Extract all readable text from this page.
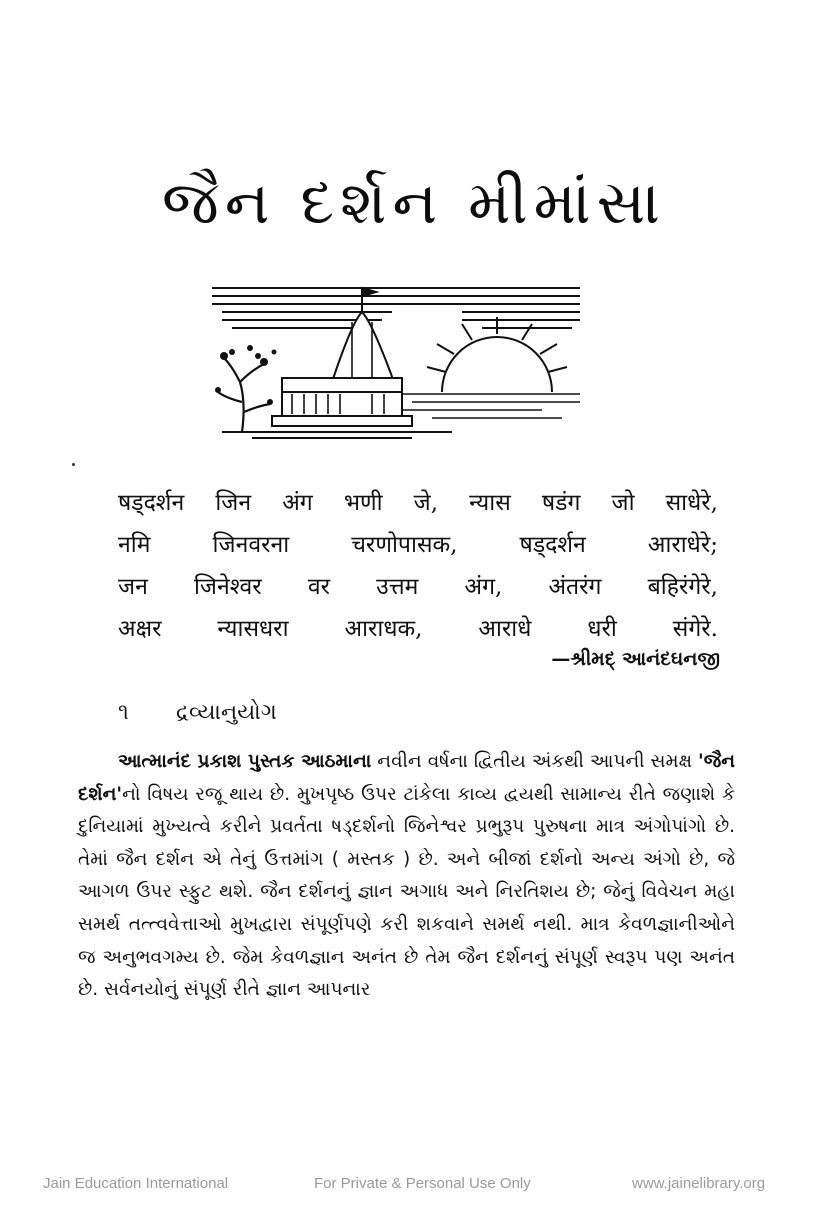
જૈન દર્શન મીમાંસા
षड्दर्शन जिन अंग भणी जे, न्यास षडंग जो साधेरे,
नमि जिनवरना चरणोपासक, षड्दर्शन आराधेरे;
जन जिनेश्वर वर उत्तम अंग, अंतरंग बहिरंगेरे,
अक्षर न्यासधरा आराधक, आराधे धरी संगेरे.
—શ્રીમદ્ આનંદઘનજી
૧ દ્રવ્યાનુયોગ

આત્માનંદ પ્રકાશ પુસ્તક આઠમાના નવીન વર્ષના દ્વિતીય અંકથી આપની સમક્ષ 'જૈન દર્શન'નો વિષય રજૂ થાય છે. મુખપૃષ્ઠ ઉપર ટાંકેલા કાવ્ય દ્વયથી સામાન્ય રીતે જણાશે કે દુનિયામાં મુખ્યત્વે કરીને પ્રવર્તતા ષડ્દર્શનો જિનેશ્વર પ્રભુરૂપ પુરુષના માત્ર અંગોપાંગો છે. તેમાં જૈન દર્શન એ તેનું ઉત્તમાંગ ( મસ્તક ) છે. અને બીજાં દર્શનો અન્ય અંગો છે, જે આગળ ઉપર સ્ફુટ થશે. જૈન દર્શનનું જ્ઞાન અગાધ અને નિરતિશય છે; જેનું વિવેચન મહા સમર્થ તત્ત્વવેત્તાઓ મુખદ્વારા સંપૂર્ણપણે કરી શકવાને સમર્થ નથી. માત્ર કેવળજ્ઞાનીઓને જ અનુભવગમ્ય છે. જેમ કેવળજ્ઞાન અનંત છે તેમ જૈન દર્શનનું સંપૂર્ણ સ્વરૂપ પણ અનંત છે. સર્વનયોનું સંપૂર્ણ રીતે જ્ઞાન આપનાર

Jain Education International	For Private & Personal Use Only	www.jainelibrary.org
